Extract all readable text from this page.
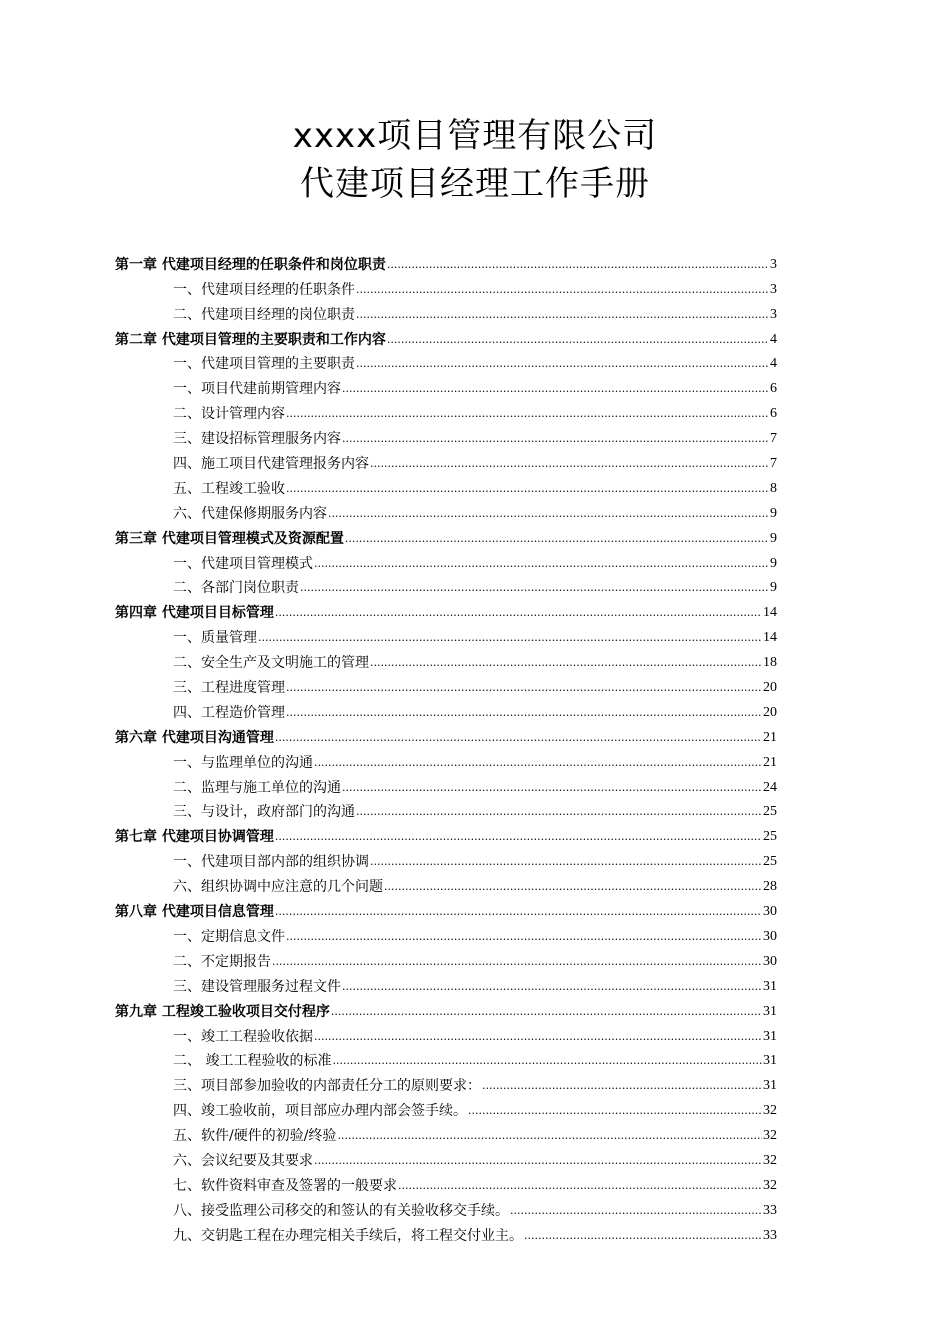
xxxx项目管理有限公司
代建项目经理工作手册
第一章 代建项目经理的任职条件和岗位职责 .....	3
一、代建项目经理的任职条件 .....	3
二、代建项目经理的岗位职责 .....	3
第二章 代建项目管理的主要职责和工作内容 .....	4
一、代建项目管理的主要职责 .....	4
一、项目代建前期管理内容 .....	6
二、设计管理内容 .....	6
三、建设招标管理服务内容 .....	7
四、施工项目代建管理报务内容 .....	7
五、工程竣工验收 .....	8
六、代建保修期服务内容 .....	9
第三章 代建项目管理模式及资源配置 .....	9
一、代建项目管理模式 .....	9
二、各部门岗位职责 .....	9
第四章 代建项目目标管理 .....	14
一、质量管理 .....	14
二、安全生产及文明施工的管理 .....	18
三、工程进度管理 .....	20
四、工程造价管理 .....	20
第六章 代建项目沟通管理 .....	21
一、与监理单位的沟通 .....	21
二、监理与施工单位的沟通 .....	24
三、与设计，政府部门的沟通 .....	25
第七章 代建项目协调管理 .....	25
一、代建项目部内部的组织协调 .....	25
六、组织协调中应注意的几个问题 .....	28
第八章 代建项目信息管理 .....	30
一、定期信息文件 .....	30
二、不定期报告 .....	30
三、建设管理服务过程文件 .....	31
第九章 工程竣工验收项目交付程序 .....	31
一、竣工工程验收依据 .....	31
二、 竣工工程验收的标准 .....	31
三、项目部参加验收的内部责任分工的原则要求： .....	31
四、竣工验收前，项目部应办理内部会签手续。 .....	32
五、软件/硬件的初验/终验 .....	32
六、会议纪要及其要求 .....	32
七、软件资料审查及签署的一般要求 .....	32
八、接受监理公司移交的和签认的有关验收移交手续。 .....	33
九、交钥匙工程在办理完相关手续后，将工程交付业主。 .....	33
